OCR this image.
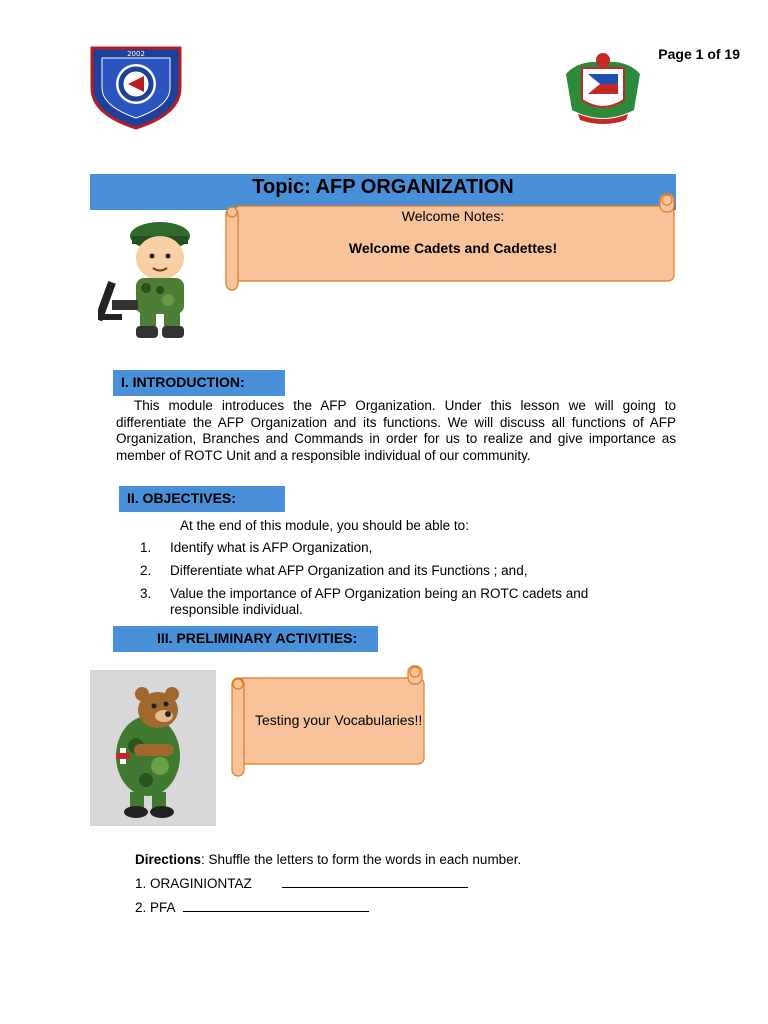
Page 1 of 19
2002
Topic: AFP ORGANIZATION
Welcome Notes:
Welcome Cadets and Cadettes!
I. INTRODUCTION:
This module introduces the AFP Organization. Under this lesson we will going to differentiate the AFP Organization and its functions. We will discuss all functions of AFP Organization, Branches and Commands in order for us to realize and give importance as member of ROTC Unit and a responsible individual of our community.
II. OBJECTIVES:
At the end of this module, you should be able to:
1.	Identify what is AFP Organization,
2.	Differentiate what AFP Organization and its Functions ; and,
3.	Value the importance of AFP Organization being an ROTC cadets and responsible individual.
III. PRELIMINARY ACTIVITIES:
Testing your Vocabularies!!
Directions: Shuffle the letters to form the words in each number.
1. ORAGINIONTAZ
2. PFA
